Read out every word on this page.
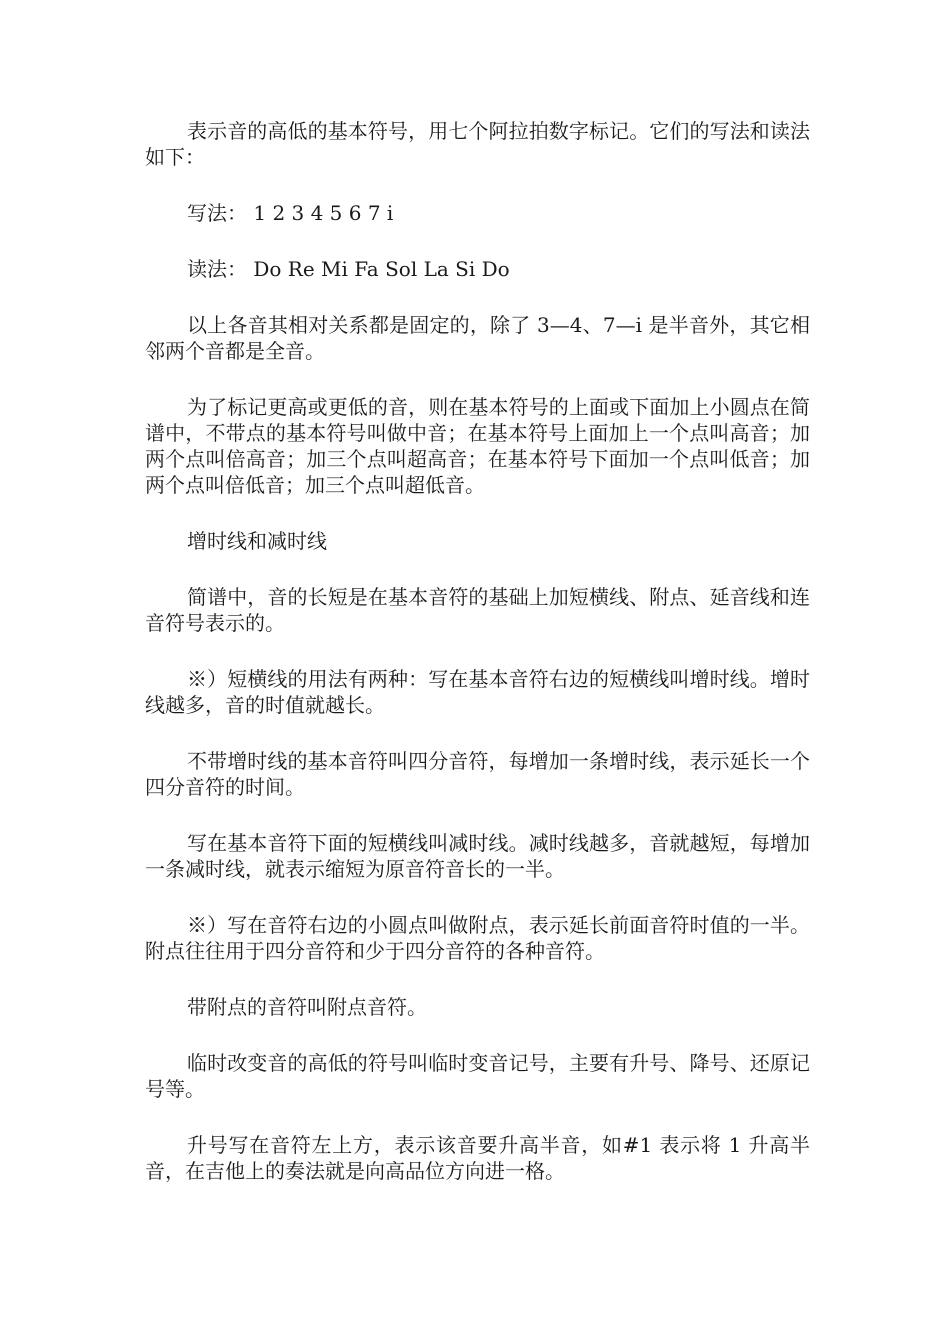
表示音的高低的基本符号，用七个阿拉拍数字标记。它们的写法和读法如下：

写法： 1 2 3 4 5 6 7 i

读法： Do Re Mi Fa Sol La Si Do

以上各音其相对关系都是固定的，除了 3—4、7—i 是半音外，其它相邻两个音都是全音。

为了标记更高或更低的音，则在基本符号的上面或下面加上小圆点在简谱中，不带点的基本符号叫做中音；在基本符号上面加上一个点叫高音；加两个点叫倍高音；加三个点叫超高音；在基本符号下面加一个点叫低音；加两个点叫倍低音；加三个点叫超低音。

增时线和减时线

简谱中，音的长短是在基本音符的基础上加短横线、附点、延音线和连音符号表示的。

※）短横线的用法有两种：写在基本音符右边的短横线叫增时线。增时线越多，音的时值就越长。

不带增时线的基本音符叫四分音符，每增加一条增时线，表示延长一个四分音符的时间。

写在基本音符下面的短横线叫减时线。减时线越多，音就越短，每增加一条减时线，就表示缩短为原音符音长的一半。

※）写在音符右边的小圆点叫做附点，表示延长前面音符时值的一半。附点往往用于四分音符和少于四分音符的各种音符。

带附点的音符叫附点音符。

临时改变音的高低的符号叫临时变音记号，主要有升号、降号、还原记号等。

升号写在音符左上方，表示该音要升高半音，如#1 表示将 1 升高半音，在吉他上的奏法就是向高品位方向进一格。
